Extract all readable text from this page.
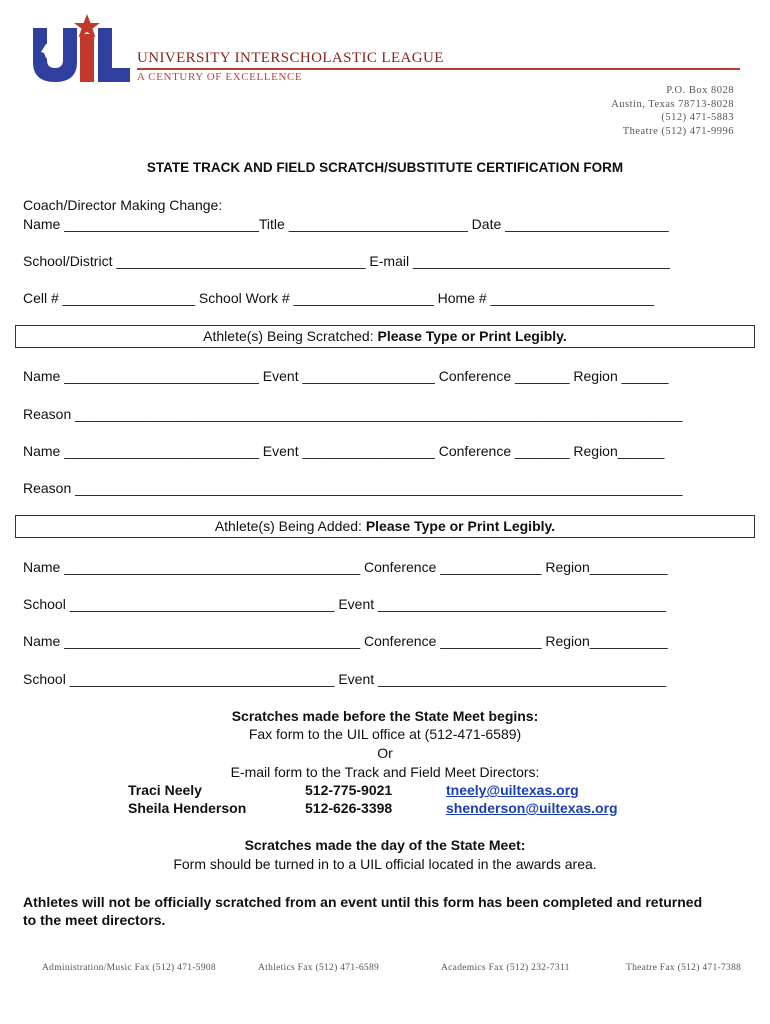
UNIVERSITY INTERSCHOLASTIC LEAGUE
A CENTURY OF EXCELLENCE
P.O. Box 8028
Austin, Texas 78713-8028
(512) 471-5883
Theatre (512) 471-9996
STATE TRACK AND FIELD SCRATCH/SUBSTITUTE CERTIFICATION FORM
Coach/Director Making Change:
Name _________________________Title _______________________ Date _____________________
School/District ________________________________ E-mail _________________________________
Cell # _________________ School Work # __________________ Home # _____________________
Athlete(s) Being Scratched: Please Type or Print Legibly.
Name _________________________ Event _________________ Conference _______ Region ______
Reason ______________________________________________________________________________
Name _________________________ Event _________________ Conference _______ Region______
Reason ______________________________________________________________________________
Athlete(s) Being Added: Please Type or Print Legibly.
Name ______________________________________ Conference _____________ Region__________
School __________________________________ Event _____________________________________
Name ______________________________________ Conference _____________ Region__________
School __________________________________ Event _____________________________________
Scratches made before the State Meet begins:
Fax form to the UIL office at (512-471-6589)
Or
E-mail form to the Track and Field Meet Directors:
Traci Neely	512-775-9021	tneely@uiltexas.org
Sheila Henderson	512-626-3398	shenderson@uiltexas.org
Scratches made the day of the State Meet:
Form should be turned in to a UIL official located in the awards area.
Athletes will not be officially scratched from an event until this form has been completed and returned to the meet directors.
Administration/Music Fax (512) 471-5908	Athletics Fax (512) 471-6589	Academics Fax (512) 232-7311	Theatre Fax (512) 471-7388
